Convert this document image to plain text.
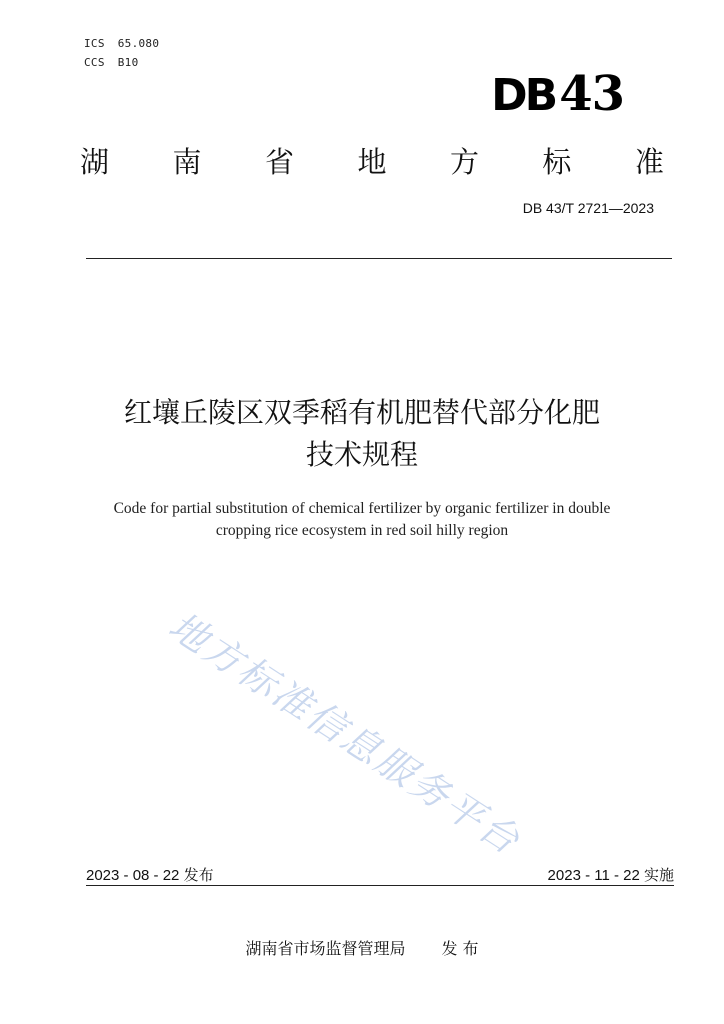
ICS 65.080
CCS B10
DB43
湖 南 省 地 方 标 准
DB 43/T 2721—2023
红壤丘陵区双季稻有机肥替代部分化肥
技术规程
Code for partial substitution of chemical fertilizer by organic fertilizer in double
cropping rice ecosystem in red soil hilly region
地方标准信息服务平台
2023 - 08 - 22 发布	2023 - 11 - 22 实施
湖南省市场监督管理局 发 布
